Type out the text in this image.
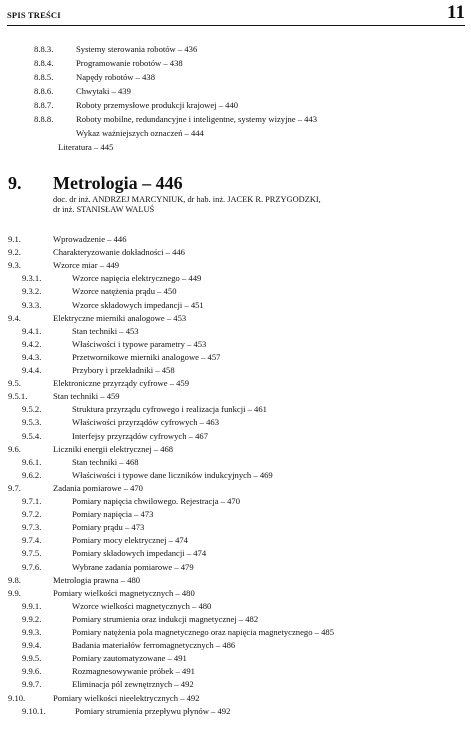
SPIS TREŚCI	11
8.8.3.	Systemy sterowania robotów – 436
8.8.4.	Programowanie robotów – 438
8.8.5.	Napędy robotów – 438
8.8.6.	Chwytaki – 439
8.8.7.	Roboty przemysłowe produkcji krajowej – 440
8.8.8.	Roboty mobilne, redundancyjne i inteligentne, systemy wizyjne – 443
Wykaz ważniejszych oznaczeń – 444
Literatura – 445
9. Metrologia – 446
doc. dr inż. ANDRZEJ MARCYNIUK, dr hab. inż. JACEK R. PRZYGODZKI,
dr inż. STANISŁAW WALUŚ
9.1.	Wprowadzenie – 446
9.2.	Charakteryzowanie dokładności – 446
9.3.	Wzorce miar – 449
9.3.1.	Wzorce napięcia elektrycznego – 449
9.3.2.	Wzorce natężenia prądu – 450
9.3.3.	Wzorce składowych impedancji – 451
9.4.	Elektryczne mierniki analogowe – 453
9.4.1.	Stan techniki – 453
9.4.2.	Właściwości i typowe parametry – 453
9.4.3.	Przetwornikowe mierniki analogowe – 457
9.4.4.	Przybory i przekładniki – 458
9.5.	Elektroniczne przyrządy cyfrowe – 459
9.5.1.	Stan techniki – 459
9.5.2.	Struktura przyrządu cyfrowego i realizacja funkcji – 461
9.5.3.	Właściwości przyrządów cyfrowych – 463
9.5.4.	Interfejsy przyrządów cyfrowych – 467
9.6.	Liczniki energii elektrycznej – 468
9.6.1.	Stan techniki – 468
9.6.2.	Właściwości i typowe dane liczników indukcyjnych – 469
9.7.	Zadania pomiarowe – 470
9.7.1.	Pomiary napięcia chwilowego. Rejestracja – 470
9.7.2.	Pomiary napięcia – 473
9.7.3.	Pomiary prądu – 473
9.7.4.	Pomiary mocy elektrycznej – 474
9.7.5.	Pomiary składowych impedancji – 474
9.7.6.	Wybrane zadania pomiarowe – 479
9.8.	Metrologia prawna – 480
9.9.	Pomiary wielkości magnetycznych – 480
9.9.1.	Wzorce wielkości magnetycznych – 480
9.9.2.	Pomiary strumienia oraz indukcji magnetycznej – 482
9.9.3.	Pomiary natężenia pola magnetycznego oraz napięcia magnetycznego – 485
9.9.4.	Badania materiałów ferromagnetycznych – 486
9.9.5.	Pomiary zautomatyzowane – 491
9.9.6.	Rozmagnesowywanie próbek – 491
9.9.7.	Eliminacja pól zewnętrznych – 492
9.10.	Pomiary wielkości nieelektrycznych – 492
9.10.1.	Pomiary strumienia przepływu płynów – 492
